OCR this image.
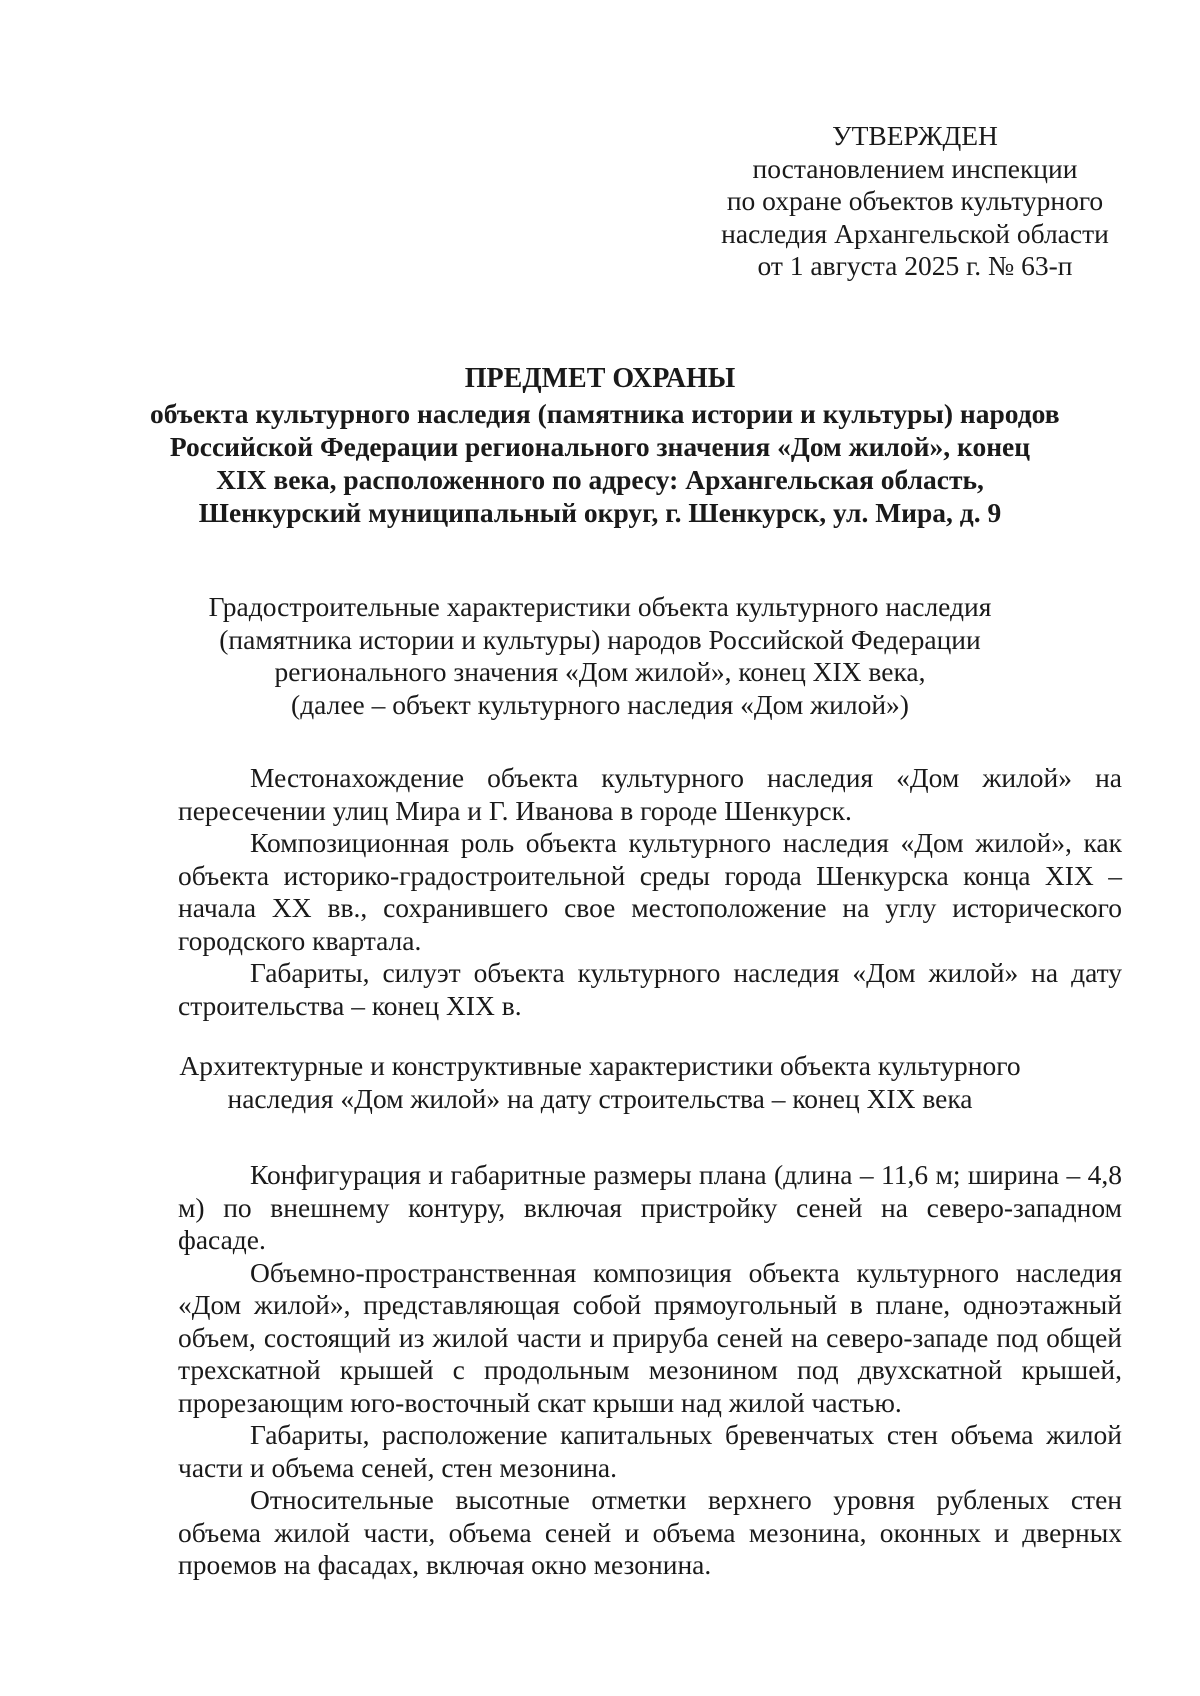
УТВЕРЖДЕН
постановлением инспекции
по охране объектов культурного
наследия Архангельской области
от 1 августа 2025 г. № 63-п
ПРЕДМЕТ ОХРАНЫ
объекта культурного наследия (памятника истории и культуры) народов
Российской Федерации регионального значения «Дом жилой», конец
XIX века, расположенного по адресу: Архангельская область,
Шенкурский муниципальный округ, г. Шенкурск, ул. Мира, д. 9
Градостроительные характеристики объекта культурного наследия
(памятника истории и культуры) народов Российской Федерации
регионального значения «Дом жилой», конец XIX века,
(далее – объект культурного наследия «Дом жилой»)

Местонахождение объекта культурного наследия «Дом жилой» на пересечении улиц Мира и Г. Иванова в городе Шенкурск.

Композиционная роль объекта культурного наследия «Дом жилой», как объекта историко-градостроительной среды города Шенкурска конца XIX – начала XX вв., сохранившего свое местоположение на углу исторического городского квартала.

Габариты, силуэт объекта культурного наследия «Дом жилой» на дату строительства – конец XIX в.

Архитектурные и конструктивные характеристики объекта культурного
наследия «Дом жилой» на дату строительства – конец XIX века

Конфигурация и габаритные размеры плана (длина – 11,6 м; ширина – 4,8 м) по внешнему контуру, включая пристройку сеней на северо-западном фасаде.

Объемно-пространственная композиция объекта культурного наследия «Дом жилой», представляющая собой прямоугольный в плане, одноэтажный объем, состоящий из жилой части и прируба сеней на северо-западе под общей трехскатной крышей с продольным мезонином под двухскатной крышей, прорезающим юго-восточный скат крыши над жилой частью.

Габариты, расположение капитальных бревенчатых стен объема жилой части и объема сеней, стен мезонина.

Относительные высотные отметки верхнего уровня рубленых стен объема жилой части, объема сеней и объема мезонина, оконных и дверных проемов на фасадах, включая окно мезонина.
